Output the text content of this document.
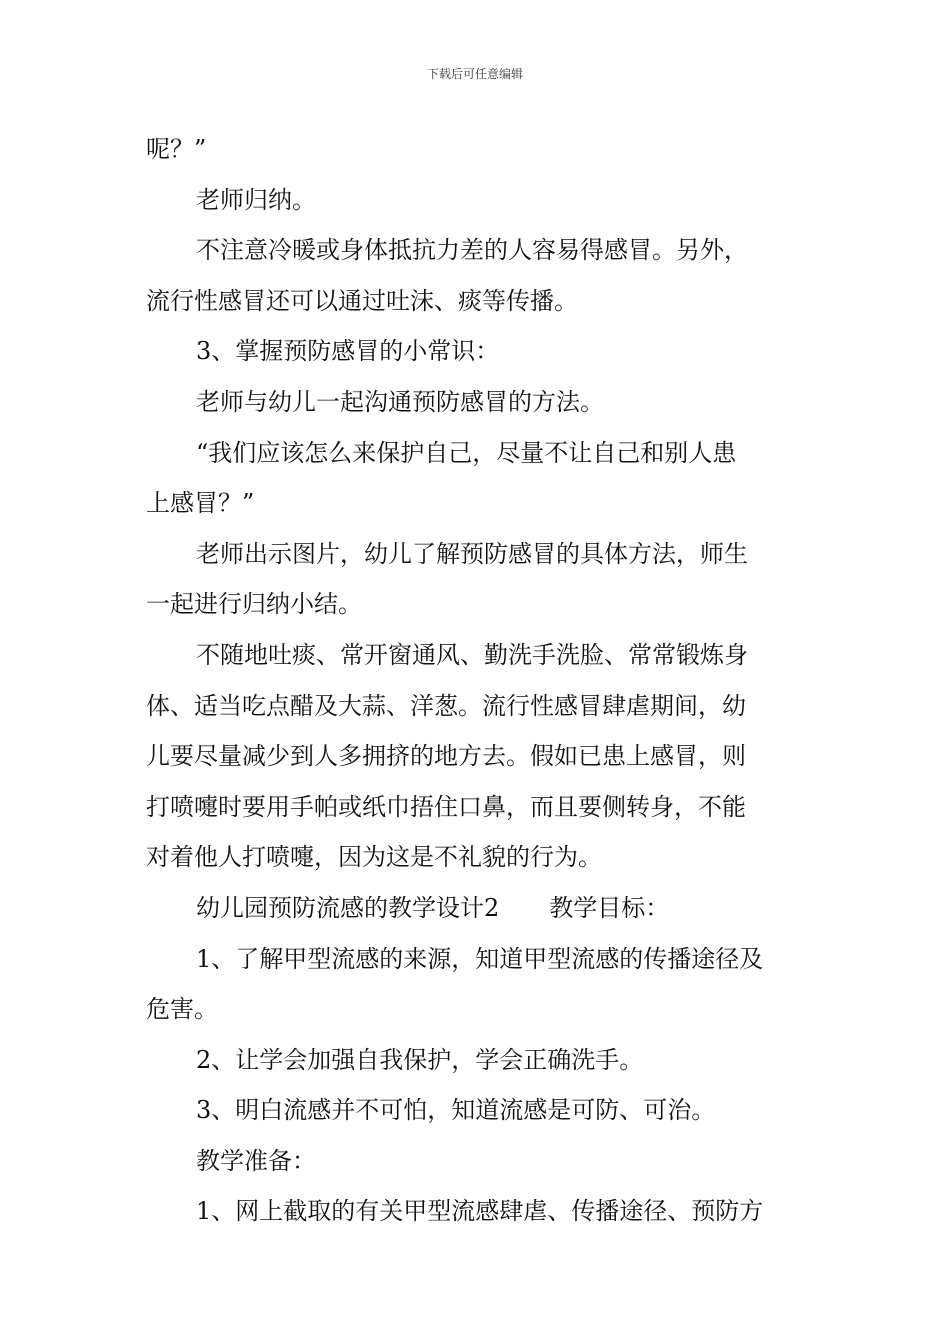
下载后可任意编辑
呢？”
老师归纳。
不注意冷暖或身体抵抗力差的人容易得感冒。另外，
流行性感冒还可以通过吐沫、痰等传播。
3、掌握预防感冒的小常识：
老师与幼儿一起沟通预防感冒的方法。
“我们应该怎么来保护自己，尽量不让自己和别人患
上感冒？”
老师出示图片，幼儿了解预防感冒的具体方法，师生
一起进行归纳小结。
不随地吐痰、常开窗通风、勤洗手洗脸、常常锻炼身
体、适当吃点醋及大蒜、洋葱。流行性感冒肆虐期间，幼
儿要尽量减少到人多拥挤的地方去。假如已患上感冒，则
打喷嚏时要用手帕或纸巾捂住口鼻，而且要侧转身，不能
对着他人打喷嚏，因为这是不礼貌的行为。
幼儿园预防流感的教学设计2 教学目标：
1、了解甲型流感的来源，知道甲型流感的传播途径及
危害。
2、让学会加强自我保护，学会正确洗手。
3、明白流感并不可怕，知道流感是可防、可治。
教学准备：
1、网上截取的有关甲型流感肆虐、传播途径、预防方
